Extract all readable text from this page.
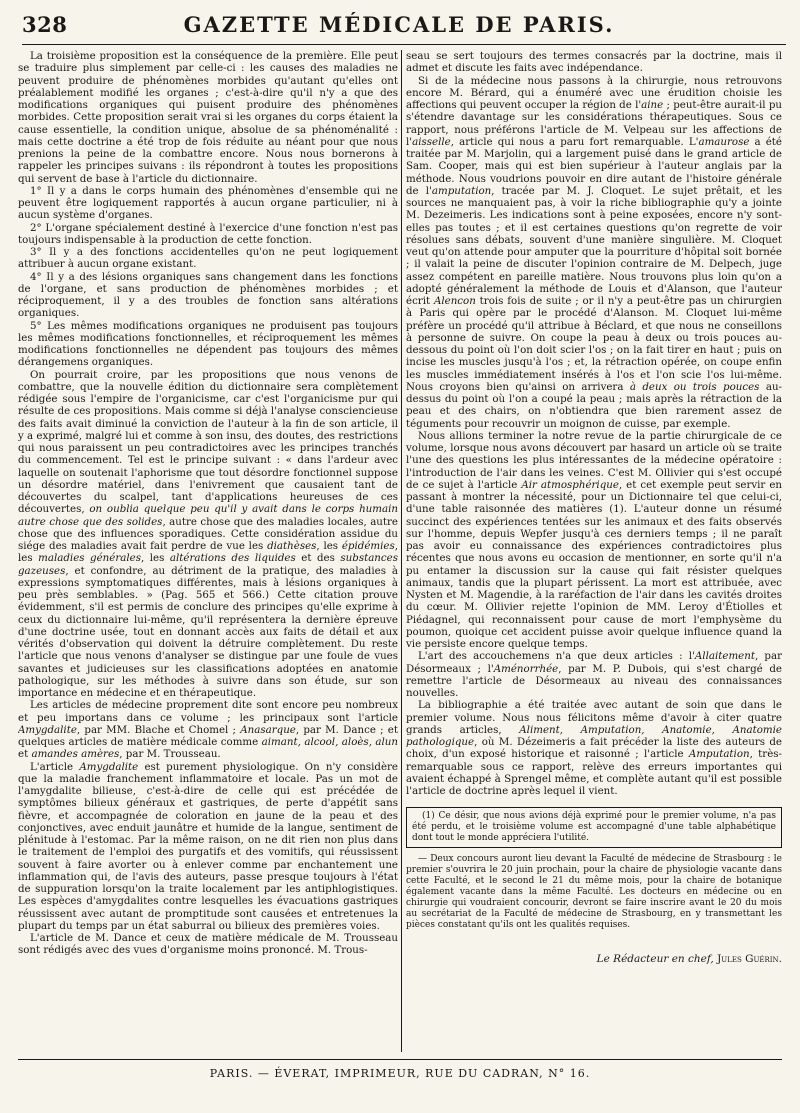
328	GAZETTE MÉDICALE DE PARIS.

La troisième proposition est la conséquence de la première. Elle peut se traduire plus simplement par celle-ci : les causes des maladies ne peuvent produire de phénomènes morbides qu'autant qu'elles ont préalablement modifié les organes ; c'est-à-dire qu'il n'y a que des modifications organiques qui puisent produire des phénomènes morbides. Cette proposition serait vrai si les organes du corps étaient la cause essentielle, la condition unique, absolue de sa phénoménalité : mais cette doctrine a été trop de fois réduite au néant pour que nous prenions la peine de la combattre encore. Nous nous bornerons à rappeler les principes suivans : ils répondront à toutes les propositions qui servent de base à l'article du dictionnaire.

1° Il y a dans le corps humain des phénomènes d'ensemble qui ne peuvent être logiquement rapportés à aucun organe particulier, ni à aucun système d'organes.

2° L'organe spécialement destiné à l'exercice d'une fonction n'est pas toujours indispensable à la production de cette fonction.

3° Il y a des fonctions accidentelles qu'on ne peut logiquement attribuer à aucun organe existant.

4° Il y a des lésions organiques sans changement dans les fonctions de l'organe, et sans production de phénomènes morbides ; et réciproquement, il y a des troubles de fonction sans altérations organiques.

5° Les mêmes modifications organiques ne produisent pas toujours les mêmes modifications fonctionnelles, et réciproquement les mêmes modifications fonctionnelles ne dépendent pas toujours des mêmes dérangemens organiques.

On pourrait croire, par les propositions que nous venons de combattre, que la nouvelle édition du dictionnaire sera complètement rédigée sous l'empire de l'organicisme, car c'est l'organicisme pur qui résulte de ces propositions. Mais comme si déjà l'analyse consciencieuse des faits avait diminué la conviction de l'auteur à la fin de son article, il y a exprimé, malgré lui et comme à son insu, des doutes, des restrictions qui nous paraissent un peu contradictoires avec les principes tranchés du commencement. Tel est le principe suivant : « dans l'ardeur avec laquelle on soutenait l'aphorisme que tout désordre fonctionnel suppose un désordre matériel, dans l'enivrement que causaient tant de découvertes du scalpel, tant d'applications heureuses de ces découvertes, on oublia quelque peu qu'il y avait dans le corps humain autre chose que des solides, autre chose que des maladies locales, autre chose que des influences sporadiques. Cette considération assidue du siége des maladies avait fait perdre de vue les diathèses, les épidémies, les maladies générales, les altérations des liquides et des substances gazeuses, et confondre, au détriment de la pratique, des maladies à expressions symptomatiques différentes, mais à lésions organiques à peu près semblables. » (Pag. 565 et 566.) Cette citation prouve évidemment, s'il est permis de conclure des principes qu'elle exprime à ceux du dictionnaire lui-même, qu'il représentera la dernière épreuve d'une doctrine usée, tout en donnant accès aux faits de détail et aux vérités d'observation qui doivent la détruire complètement. Du reste l'article que nous venons d'analyser se distingue par une foule de vues savantes et judicieuses sur les classifications adoptées en anatomie pathologique, sur les méthodes à suivre dans son étude, sur son importance en médecine et en thérapeutique.

Les articles de médecine proprement dite sont encore peu nombreux et peu importans dans ce volume ; les principaux sont l'article Amygdalite, par MM. Blache et Chomel ; Anasarque, par M. Dance ; et quelques articles de matière médicale comme aimant, alcool, aloès, alun et amandes amères, par M. Trousseau.

L'article Amygdalite est purement physiologique. On n'y considère que la maladie franchement inflammatoire et locale. Pas un mot de l'amygdalite bilieuse, c'est-à-dire de celle qui est précédée de symptômes bilieux généraux et gastriques, de perte d'appétit sans fièvre, et accompagnée de coloration en jaune de la peau et des conjonctives, avec enduit jaunâtre et humide de la langue, sentiment de plénitude à l'estomac. Par la même raison, on ne dit rien non plus dans le traitement de l'emploi des purgatifs et des vomitifs, qui réussissent souvent à faire avorter ou à enlever comme par enchantement une inflammation qui, de l'avis des auteurs, passe presque toujours à l'état de suppuration lorsqu'on la traite localement par les antiphlogistiques. Les espèces d'amygdalites contre lesquelles les évacuations gastriques réussissent avec autant de promptitude sont causées et entretenues la plupart du temps par un état saburral ou bilieux des premières voies.

L'article de M. Dance et ceux de matière médicale de M. Trousseau sont rédigés avec des vues d'organisme moins prononcé. M. Trous-

seau se sert toujours des termes consacrés par la doctrine, mais il admet et discute les faits avec indépendance.

Si de la médecine nous passons à la chirurgie, nous retrouvons encore M. Bérard, qui a énuméré avec une érudition choisie les affections qui peuvent occuper la région de l'aine ; peut-être aurait-il pu s'étendre davantage sur les considérations thérapeutiques. Sous ce rapport, nous préférons l'article de M. Velpeau sur les affections de l'aisselle, article qui nous a paru fort remarquable. L'amaurose a été traitée par M. Marjolin, qui a largement puisé dans le grand article de Sam. Cooper, mais qui est bien supérieur à l'auteur anglais par la méthode. Nous voudrions pouvoir en dire autant de l'histoire générale de l'amputation, tracée par M. J. Cloquet. Le sujet prêtait, et les sources ne manquaient pas, à voir la riche bibliographie qu'y a jointe M. Dezeimeris. Les indications sont à peine exposées, encore n'y sont-elles pas toutes ; et il est certaines questions qu'on regrette de voir résolues sans débats, souvent d'une manière singulière. M. Cloquet veut qu'on attende pour amputer que la pourriture d'hôpital soit bornée ; il valait la peine de discuter l'opinion contraire de M. Delpech, juge assez compétent en pareille matière. Nous trouvons plus loin qu'on a adopté généralement la méthode de Louis et d'Alanson, que l'auteur écrit Alencon trois fois de suite ; or il n'y a peut-être pas un chirurgien à Paris qui opère par le procédé d'Alanson. M. Cloquet lui-même préfère un procédé qu'il attribue à Béclard, et que nous ne conseillons à personne de suivre. On coupe la peau à deux ou trois pouces au-dessous du point où l'on doit scier l'os ; on la fait tirer en haut ; puis on incise les muscles jusqu'à l'os ; et, la rétraction opérée, on coupe enfin les muscles immédiatement insérés à l'os et l'on scie l'os lui-même. Nous croyons bien qu'ainsi on arrivera à deux ou trois pouces au-dessus du point où l'on a coupé la peau ; mais après la rétraction de la peau et des chairs, on n'obtiendra que bien rarement assez de téguments pour recouvrir un moignon de cuisse, par exemple.

Nous allions terminer la notre revue de la partie chirurgicale de ce volume, lorsque nous avons découvert par hasard un article où se traite l'une des questions les plus intéressantes de la médecine opératoire : l'introduction de l'air dans les veines. C'est M. Ollivier qui s'est occupé de ce sujet à l'article Air atmosphérique, et cet exemple peut servir en passant à montrer la nécessité, pour un Dictionnaire tel que celui-ci, d'une table raisonnée des matières (1). L'auteur donne un résumé succinct des expériences tentées sur les animaux et des faits observés sur l'homme, depuis Wepfer jusqu'à ces derniers temps ; il ne paraît pas avoir eu connaissance des expériences contradictoires plus récentes que nous avons eu occasion de mentionner, en sorte qu'il n'a pu entamer la discussion sur la cause qui fait résister quelques animaux, tandis que la plupart périssent. La mort est attribuée, avec Nysten et M. Magendie, à la raréfaction de l'air dans les cavités droites du cœur. M. Ollivier rejette l'opinion de MM. Leroy d'Étiolles et Piédagnel, qui reconnaissent pour cause de mort l'emphysème du poumon, quoique cet accident puisse avoir quelque influence quand la vie persiste encore quelque temps.

L'art des accouchemens n'a que deux articles : l'Allaitement, par Désormeaux ; l'Aménorrhée, par M. P. Dubois, qui s'est chargé de remettre l'article de Désormeaux au niveau des connaissances nouvelles.

La bibliographie a été traitée avec autant de soin que dans le premier volume. Nous nous félicitons même d'avoir à citer quatre grands articles, Aliment, Amputation, Anatomie, Anatomie pathologique, où M. Dézeimeris a fait précéder la liste des auteurs de choix, d'un exposé historique et raisonné ; l'article Amputation, très-remarquable sous ce rapport, relève des erreurs importantes qui avaient échappé à Sprengel même, et complète autant qu'il est possible l'article de doctrine après lequel il vient.

(1) Ce désir, que nous avions déjà exprimé pour le premier volume, n'a pas été perdu, et le troisième volume est accompagné d'une table alphabétique dont tout le monde appréciera l'utilité.

— Deux concours auront lieu devant la Faculté de médecine de Strasbourg : le premier s'ouvrira le 20 juin prochain, pour la chaire de physiologie vacante dans cette Faculté, et le second le 21 du même mois, pour la chaire de botanique également vacante dans la même Faculté. Les docteurs en médecine ou en chirurgie qui voudraient concourir, devront se faire inscrire avant le 20 du mois au secrétariat de la Faculté de médecine de Strasbourg, en y transmettant les pièces constatant qu'ils ont les qualités requises.

Le Rédacteur en chef, Jules Guérin.
PARIS. — ÉVERAT, IMPRIMEUR, RUE DU CADRAN, N° 16.
